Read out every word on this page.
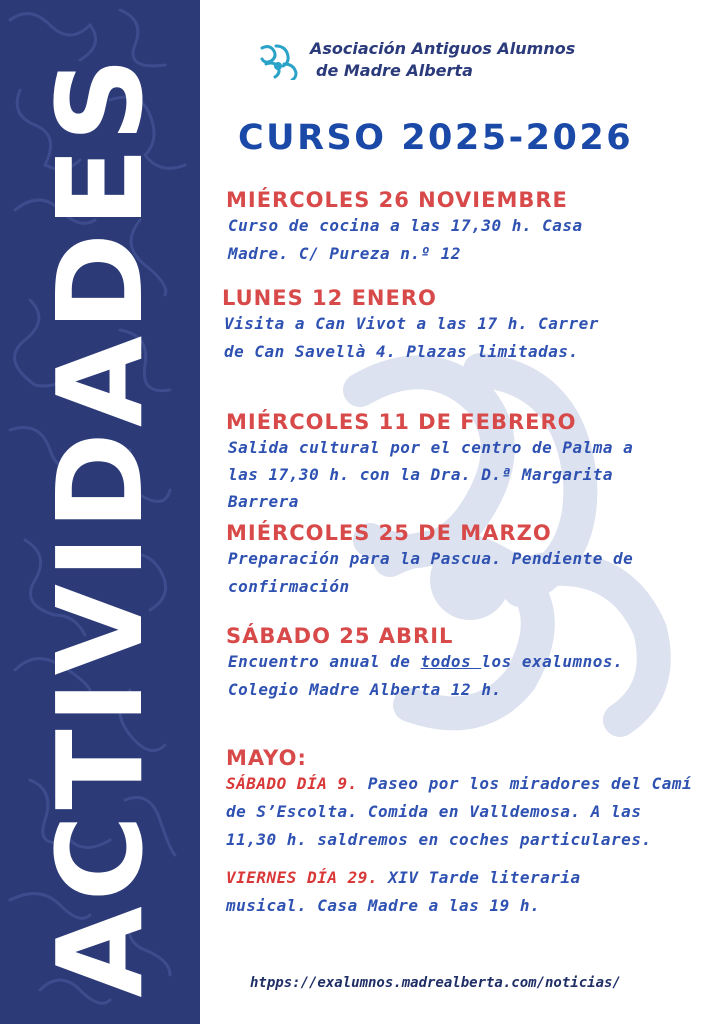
ACTIVIDADES
Asociación Antiguos Alumnos
de Madre Alberta
CURSO 2025-2026
MIÉRCOLES 26 NOVIEMBRE
Curso de cocina a las 17,30 h. Casa Madre. C/ Pureza n.º 12
LUNES 12 ENERO
Visita a Can Vivot a las 17 h. Carrer de Can Savellà 4. Plazas limitadas.
MIÉRCOLES 11 DE FEBRERO
Salida cultural por el centro de Palma a las 17,30 h. con la Dra. D.ª Margarita Barrera
MIÉRCOLES 25 DE MARZO
Preparación para la Pascua. Pendiente de confirmación
SÁBADO 25 ABRIL
Encuentro anual de todos los exalumnos. Colegio Madre Alberta 12 h.
MAYO:
SÁBADO DÍA 9. Paseo por los miradores del Camí de S’Escolta. Comida en Valldemosa. A las 11,30 h. saldremos en coches particulares.
VIERNES DÍA 29. XIV Tarde literaria musical. Casa Madre a las 19 h.
htpps://exalumnos.madrealberta.com/noticias/
